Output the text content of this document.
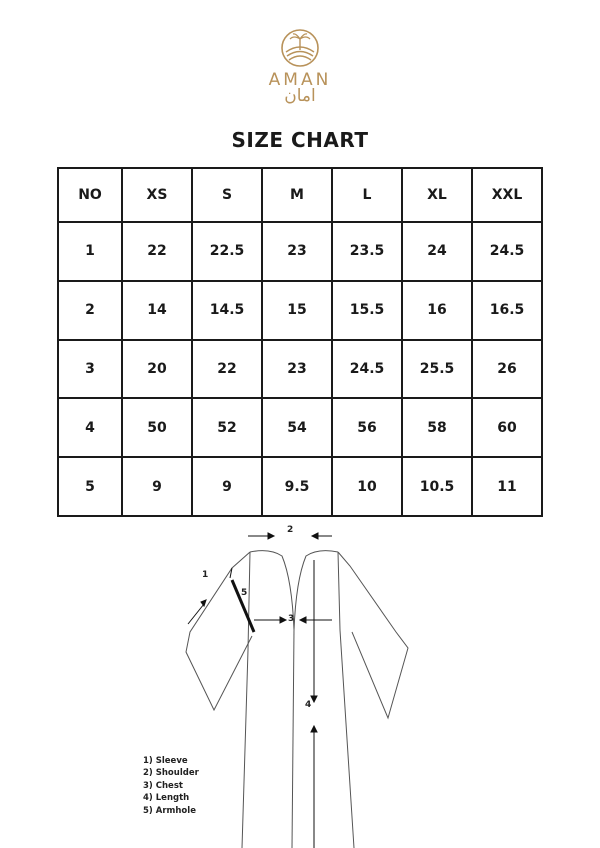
AMAN
امان
SIZE CHART
NO	XS	S	M	L	XL	XXL
1	22	22.5	23	23.5	24	24.5
2	14	14.5	15	15.5	16	16.5
3	20	22	23	24.5	25.5	26
4	50	52	54	56	58	60
5	9	9	9.5	10	10.5	11
1
2
3
4
5
1) Sleeve
2) Shoulder
3) Chest
4) Length
5) Armhole
